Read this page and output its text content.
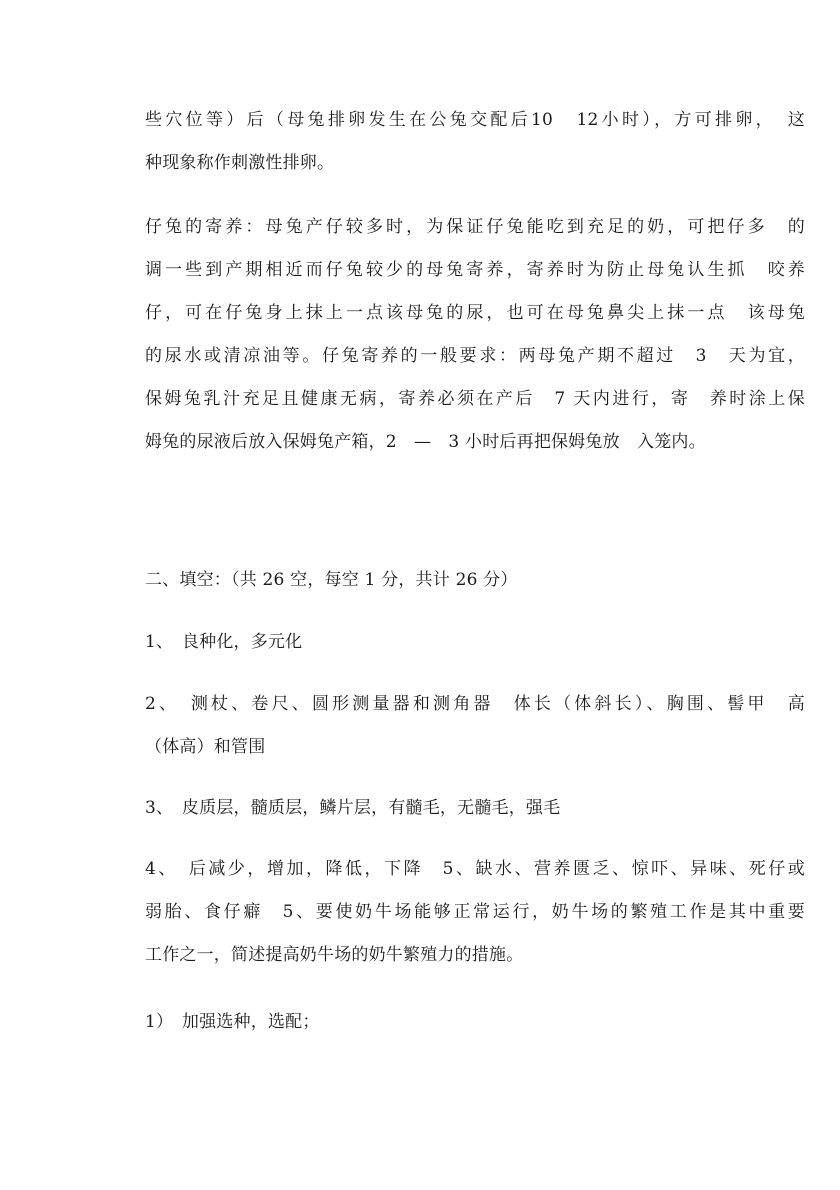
些穴位等）后（母兔排卵发生在公兔交配后10　12小时），方可排卵，　这
种现象称作刺激性排卵。
仔兔的寄养：母兔产仔较多时，为保证仔兔能吃到充足的奶，可把仔多　的
调一些到产期相近而仔兔较少的母兔寄养，寄养时为防止母兔认生抓　咬养
仔，可在仔兔身上抹上一点该母兔的尿，也可在母兔鼻尖上抹一点　该母兔
的尿水或清凉油等。仔兔寄养的一般要求：两母兔产期不超过　3　天为宜，
保姆兔乳汁充足且健康无病，寄养必须在产后　7 天内进行，寄　养时涂上保
姆兔的尿液后放入保姆兔产箱，2　—　3 小时后再把保姆兔放　入笼内。
二、填空：（共 26 空，每空 1 分，共计 26 分）
1、　良种化，多元化
2、　测杖、卷尺、圆形测量器和测角器　体长（体斜长）、胸围、髻甲　高
（体高）和管围
3、　皮质层，髓质层，鳞片层，有髓毛，无髓毛，强毛
4、　后减少，增加，降低，下降　5、缺水、营养匮乏、惊吓、异味、死仔或
弱胎、食仔癖　5、要使奶牛场能够正常运行，奶牛场的繁殖工作是其中重要
工作之一，简述提高奶牛场的奶牛繁殖力的措施。
1）　加强选种，选配；
